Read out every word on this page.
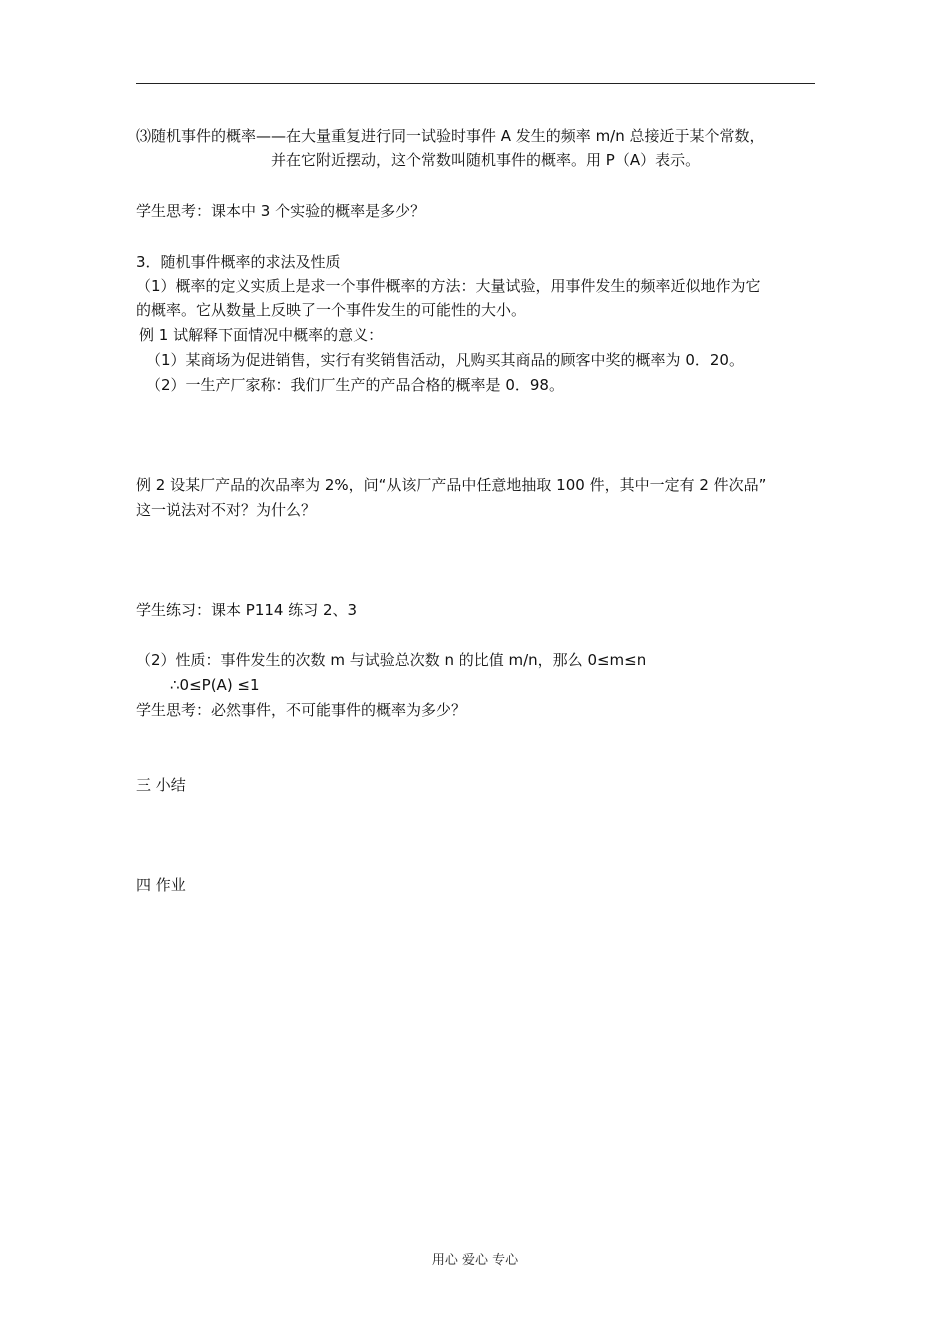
⑶随机事件的概率——在大量重复进行同一试验时事件 A 发生的频率 m/n 总接近于某个常数，
并在它附近摆动，这个常数叫随机事件的概率。用 P（A）表示。
学生思考：课本中 3 个实验的概率是多少？
3．随机事件概率的求法及性质
（1）概率的定义实质上是求一个事件概率的方法：大量试验，用事件发生的频率近似地作为它
的概率。它从数量上反映了一个事件发生的可能性的大小。
例 1 试解释下面情况中概率的意义：
（1）某商场为促进销售，实行有奖销售活动，凡购买其商品的顾客中奖的概率为 0．20。
（2）一生产厂家称：我们厂生产的产品合格的概率是 0．98。
例 2 设某厂产品的次品率为 2%，问“从该厂产品中任意地抽取 100 件，其中一定有 2 件次品”
这一说法对不对？为什么？
学生练习：课本 P114 练习 2、3
（2）性质：事件发生的次数 m 与试验总次数 n 的比值 m/n，那么 0≤m≤n
∴0≤P(A) ≤1
学生思考：必然事件，不可能事件的概率为多少？
三 小结
四 作业
用心 爱心 专心
